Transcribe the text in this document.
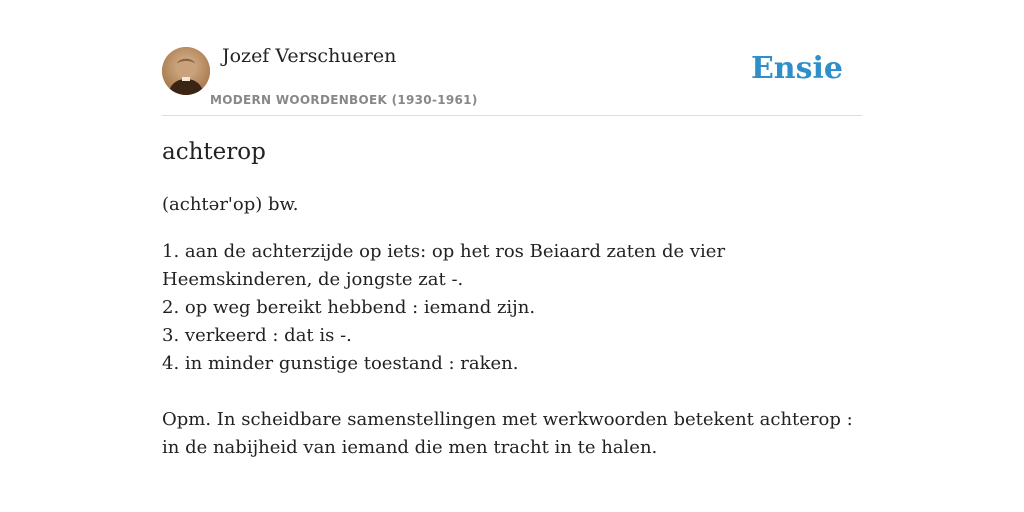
Jozef Verschueren
MODERN WOORDENBOEK (1930-1961)
Ensie
achterop
(achtər'op) bw.
1. aan de achterzijde op iets: op het ros Beiaard zaten de vier Heemskinderen, de jongste zat -.
2. op weg bereikt hebbend : iemand zijn.
3. verkeerd : dat is -.
4. in minder gunstige toestand : raken.

Opm. In scheidbare samenstellingen met werkwoorden betekent achterop : in de nabijheid van iemand die men tracht in te halen.
